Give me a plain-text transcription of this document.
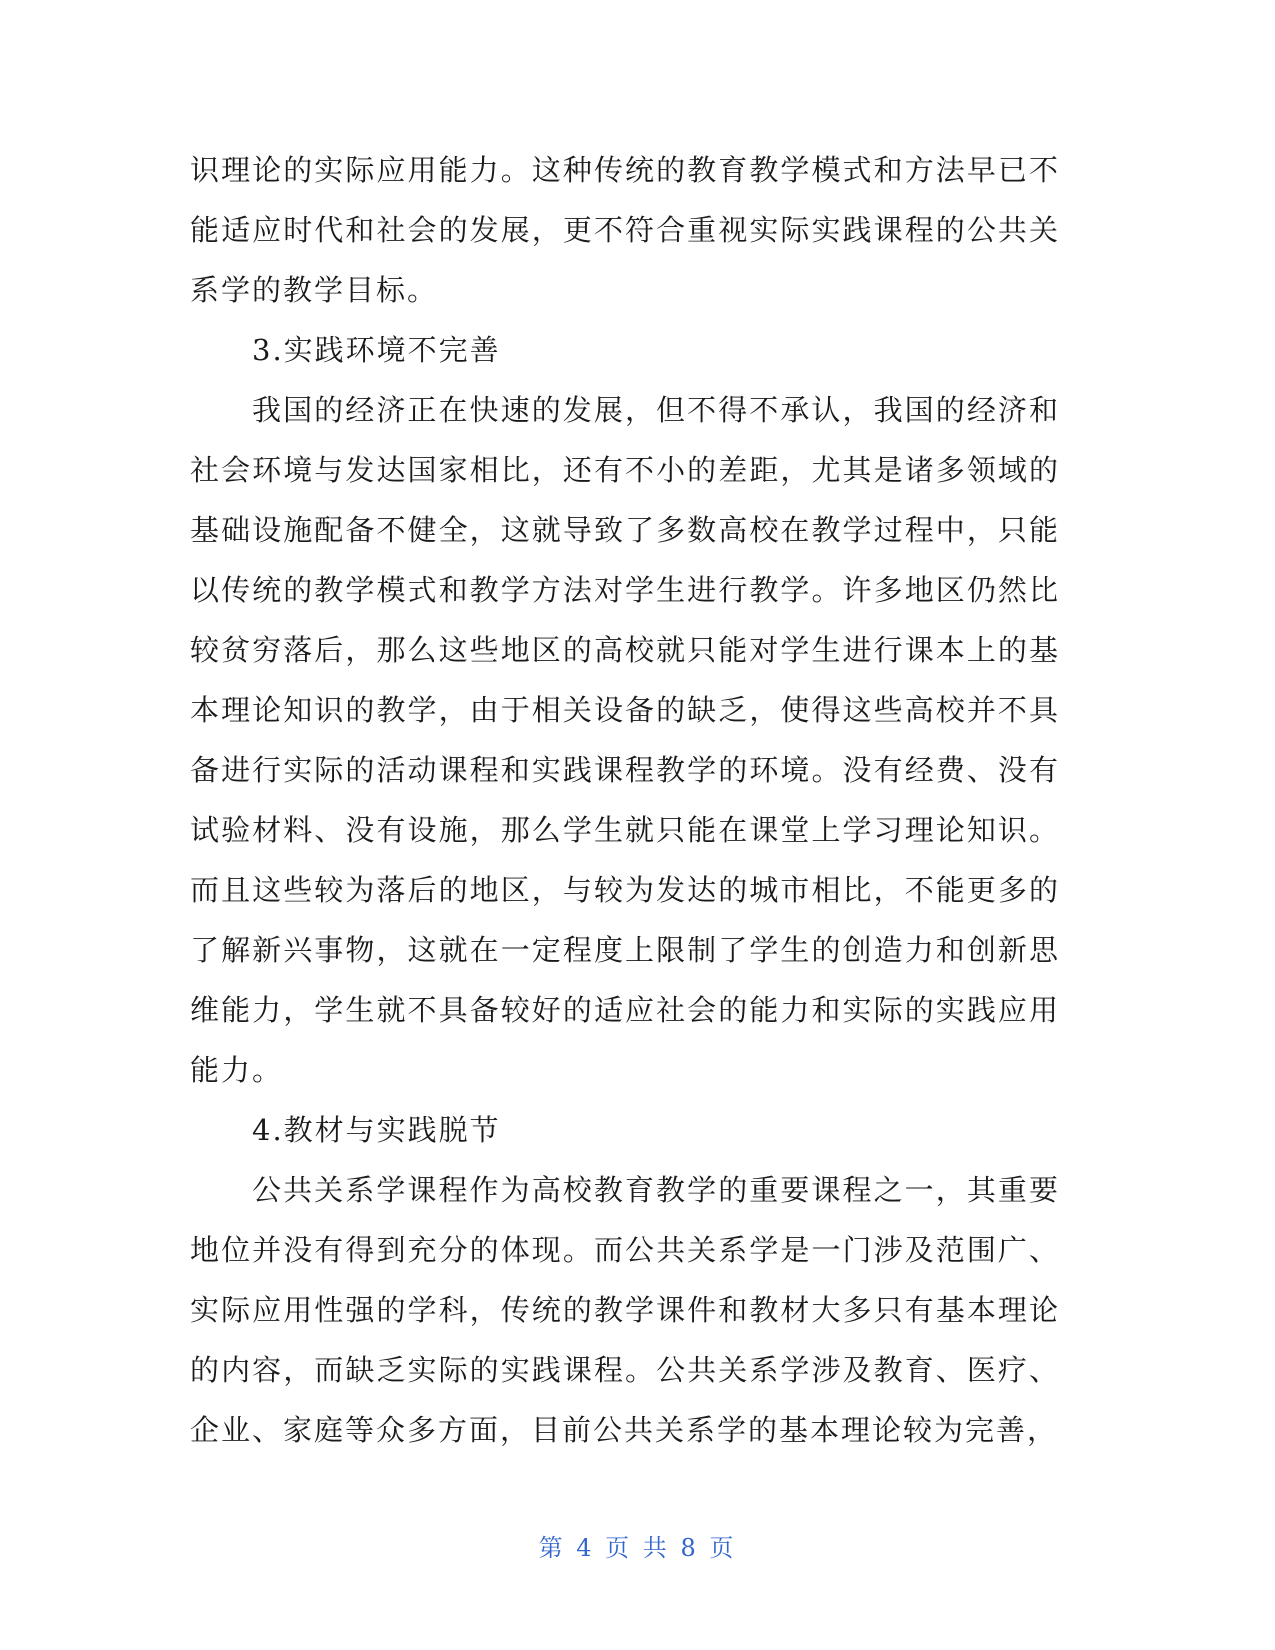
识理论的实际应用能力。这种传统的教育教学模式和方法早已不能适应时代和社会的发展，更不符合重视实际实践课程的公共关系学的教学目标。

3.实践环境不完善

我国的经济正在快速的发展，但不得不承认，我国的经济和社会环境与发达国家相比，还有不小的差距，尤其是诸多领域的基础设施配备不健全，这就导致了多数高校在教学过程中，只能以传统的教学模式和教学方法对学生进行教学。许多地区仍然比较贫穷落后，那么这些地区的高校就只能对学生进行课本上的基本理论知识的教学，由于相关设备的缺乏，使得这些高校并不具备进行实际的活动课程和实践课程教学的环境。没有经费、没有试验材料、没有设施，那么学生就只能在课堂上学习理论知识。而且这些较为落后的地区，与较为发达的城市相比，不能更多的了解新兴事物，这就在一定程度上限制了学生的创造力和创新思维能力，学生就不具备较好的适应社会的能力和实际的实践应用能力。

4.教材与实践脱节

公共关系学课程作为高校教育教学的重要课程之一，其重要地位并没有得到充分的体现。而公共关系学是一门涉及范围广、实际应用性强的学科，传统的教学课件和教材大多只有基本理论的内容，而缺乏实际的实践课程。公共关系学涉及教育、医疗、企业、家庭等众多方面，目前公共关系学的基本理论较为完善，

第 4 页 共 8 页
